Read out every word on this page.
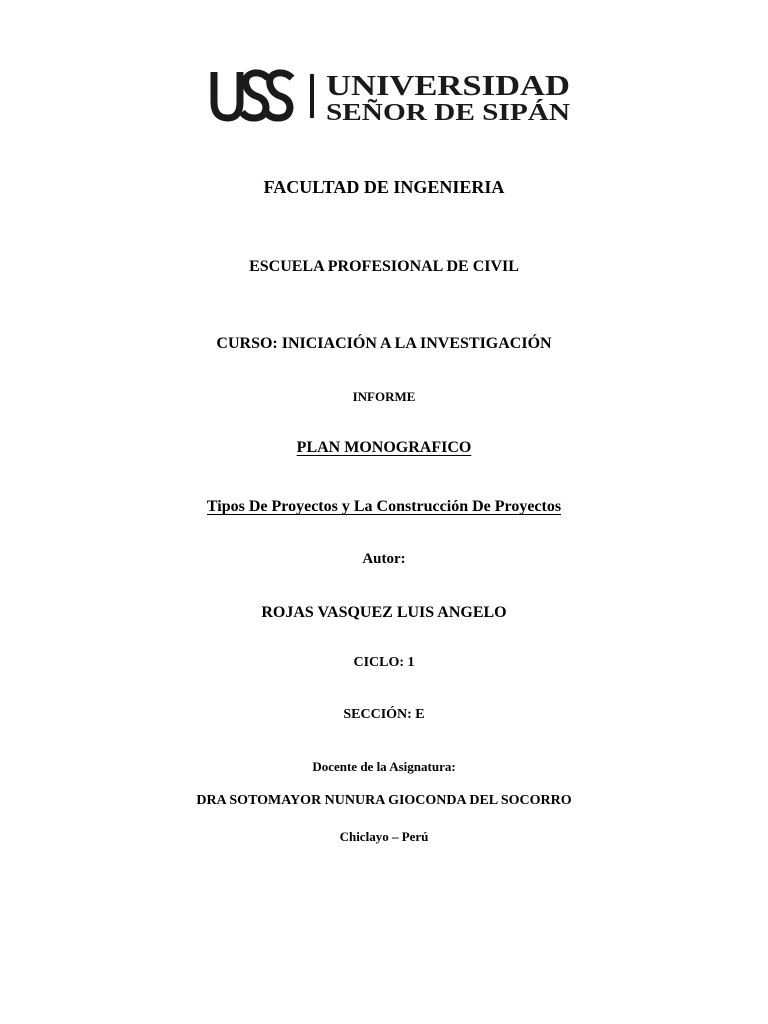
UNIVERSIDAD
SEÑOR DE SIPÁN
FACULTAD DE INGENIERIA
ESCUELA PROFESIONAL DE CIVIL
CURSO: INICIACIÓN A LA INVESTIGACIÓN
INFORME
PLAN MONOGRAFICO
Tipos De Proyectos y La Construcción De Proyectos
Autor:
ROJAS VASQUEZ LUIS ANGELO
CICLO: 1
SECCIÓN: E
Docente de la Asignatura:
DRA SOTOMAYOR NUNURA GIOCONDA DEL SOCORRO
Chiclayo – Perú
